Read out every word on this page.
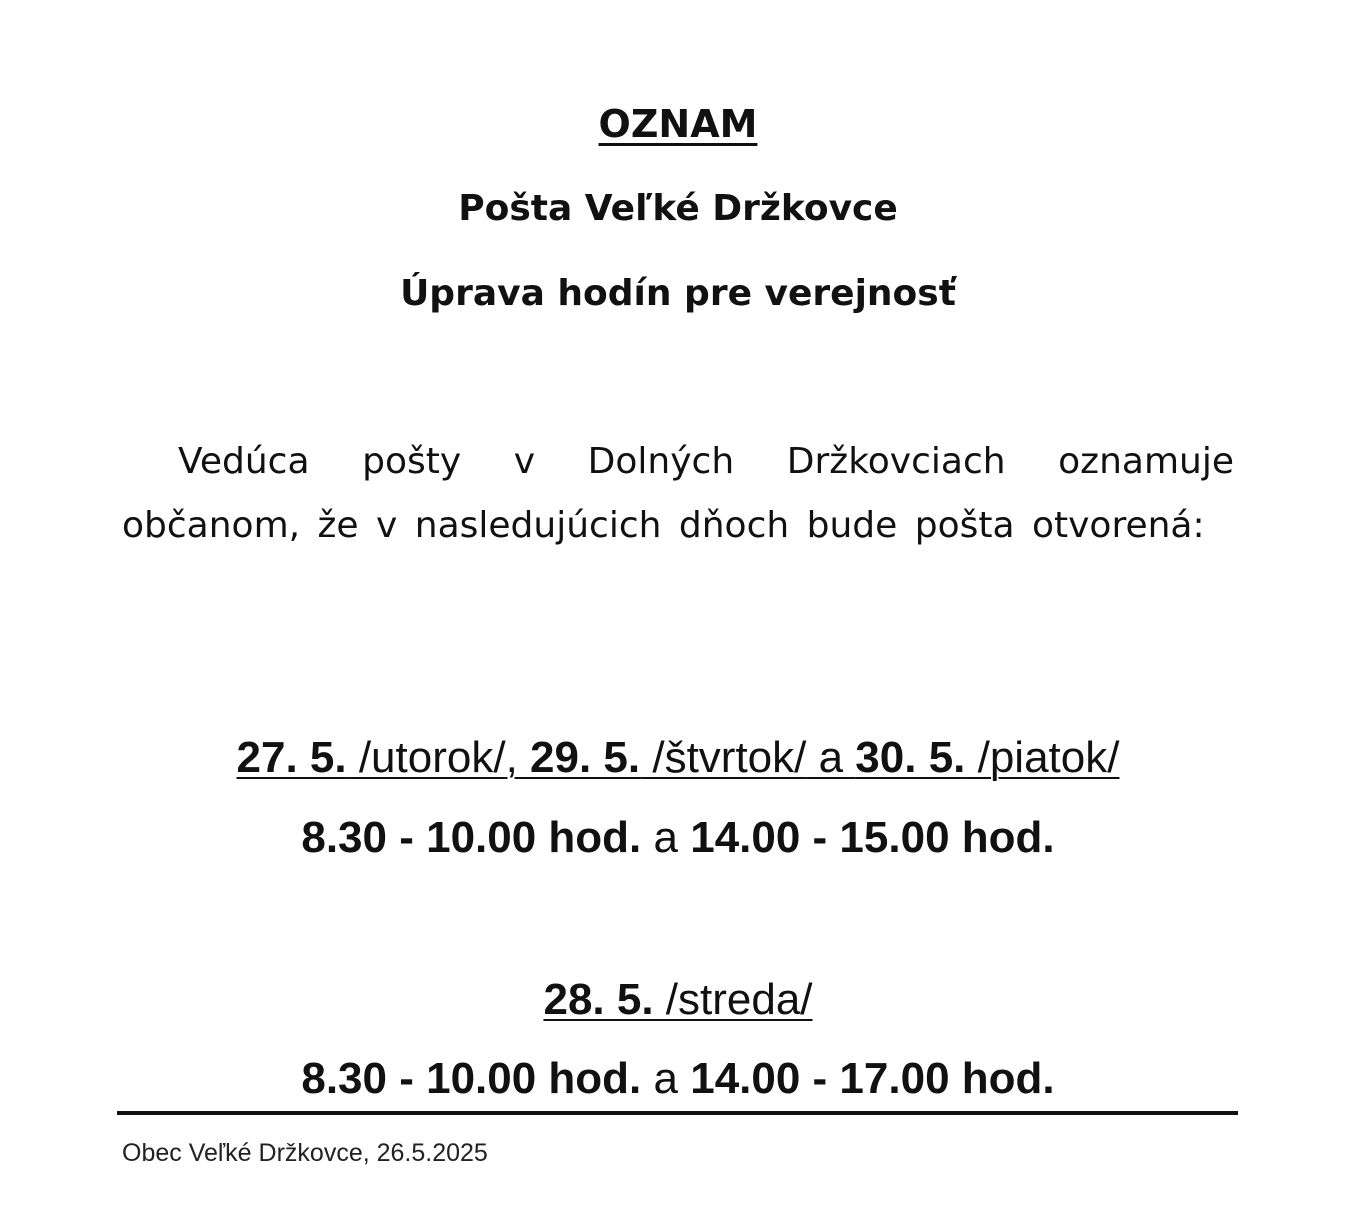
OZNAM
Pošta Veľké Držkovce
Úprava hodín pre verejnosť
Vedúca pošty v Dolných Držkovciach oznamuje občanom, že v nasledujúcich dňoch bude pošta otvorená:
27. 5. /utorok/, 29. 5. /štvrtok/ a 30. 5. /piatok/
8.30 - 10.00 hod. a 14.00 - 15.00 hod.
28. 5. /streda/
8.30 - 10.00 hod. a 14.00 - 17.00 hod.
Obec Veľké Držkovce, 26.5.2025
